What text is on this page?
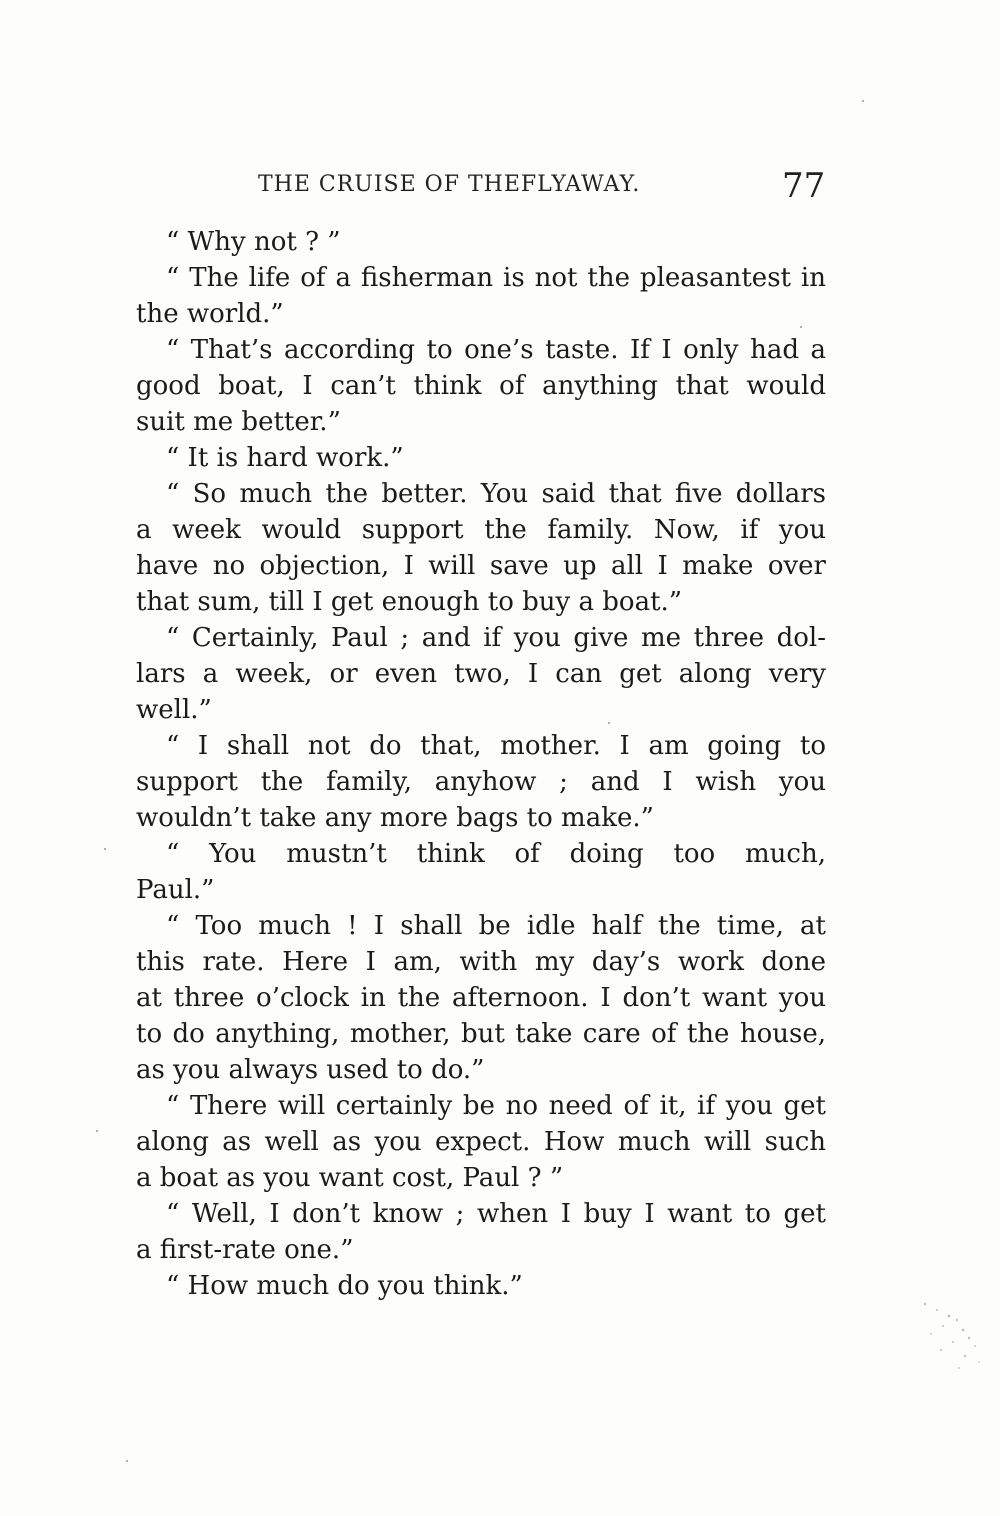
THE CRUISE OF THEFLYAWAY.	77
“ Why not ? ”
“ The life of a fisherman is not the pleasantest in
the world.”
“ That’s according to one’s taste. If I only had a
good boat, I can’t think of anything that would
suit me better.”
“ It is hard work.”
“ So much the better. You said that five dollars
a week would support the family. Now, if you
have no objection, I will save up all I make over
that sum, till I get enough to buy a boat.”
“ Certainly, Paul ; and if you give me three dol-
lars a week, or even two, I can get along very
well.”
“ I shall not do that, mother. I am going to
support the family, anyhow ; and I wish you
wouldn’t take any more bags to make.”
“ You mustn’t think of doing too much,
Paul.”
“ Too much ! I shall be idle half the time, at
this rate. Here I am, with my day’s work done
at three o’clock in the afternoon. I don’t want you
to do anything, mother, but take care of the house,
as you always used to do.”
“ There will certainly be no need of it, if you get
along as well as you expect. How much will such
a boat as you want cost, Paul ? ”
“ Well, I don’t know ; when I buy I want to get
a first-rate one.”
“ How much do you think.”
